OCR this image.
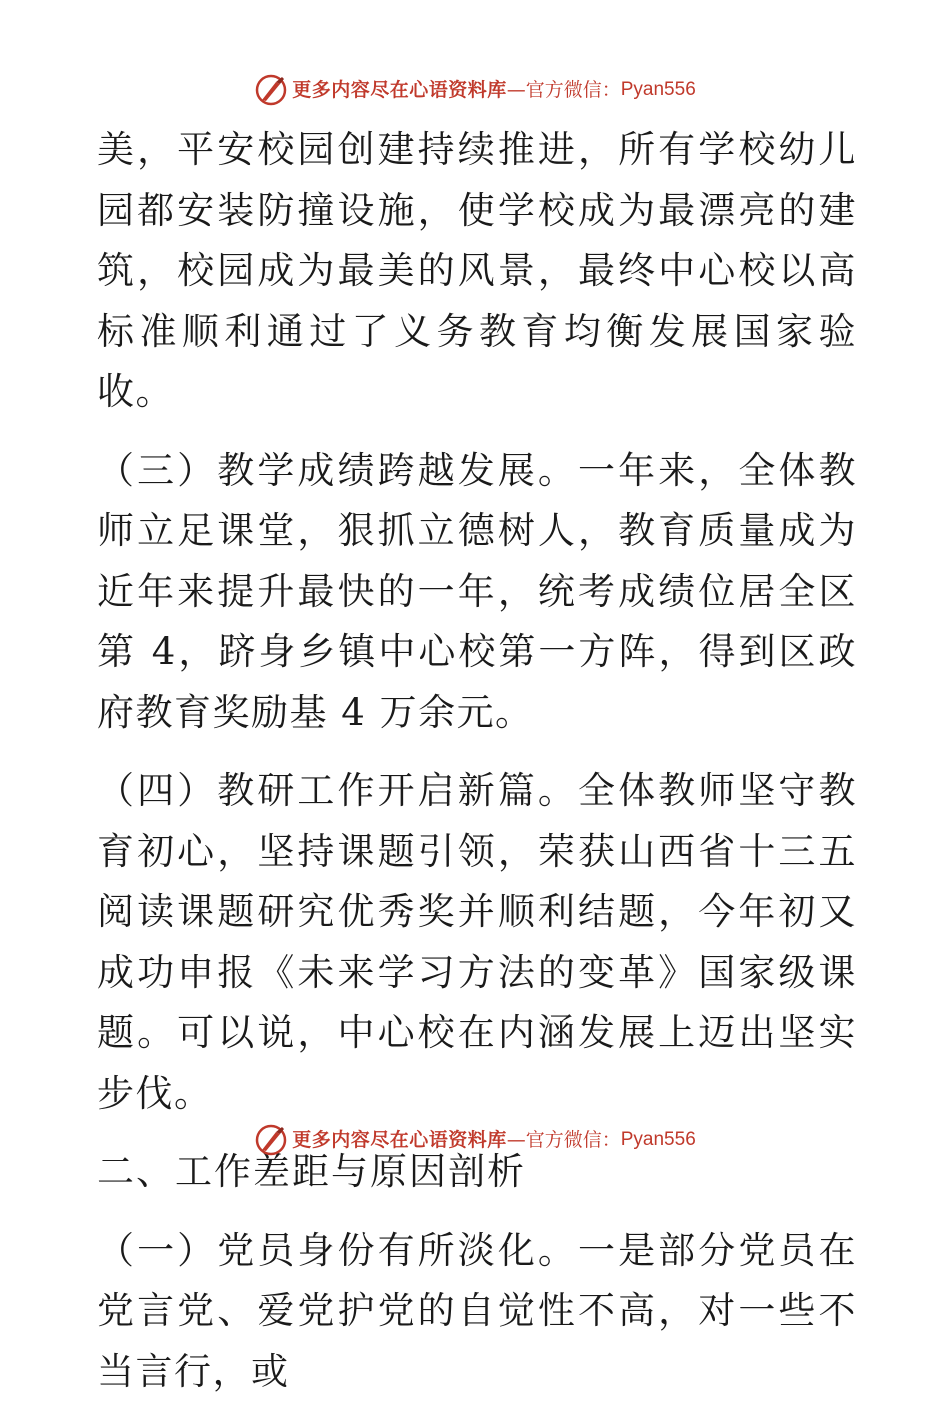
更多内容尽在心语资料库 — 官方微信： Pyan556

美，平安校园创建持续推进，所有学校幼儿园都安装防撞设施，使学校成为最漂亮的建筑，校园成为最美的风景，最终中心校以高标准顺利通过了义务教育均衡发展国家验收。

（三）教学成绩跨越发展。一年来，全体教师立足课堂，狠抓立德树人，教育质量成为近年来提升最快的一年，统考成绩位居全区第 4，跻身乡镇中心校第一方阵，得到区政府教育奖励基 4 万余元。

（四）教研工作开启新篇。全体教师坚守教育初心，坚持课题引领，荣获山西省十三五阅读课题研究优秀奖并顺利结题，今年初又成功申报《未来学习方法的变革》国家级课题。可以说，中心校在内涵发展上迈出坚实步伐。

二、工作差距与原因剖析

（一）党员身份有所淡化。一是部分党员在党言党、爱党护党的自觉性不高，对一些不当言行，或

更多内容尽在心语资料库 — 官方微信： Pyan556
